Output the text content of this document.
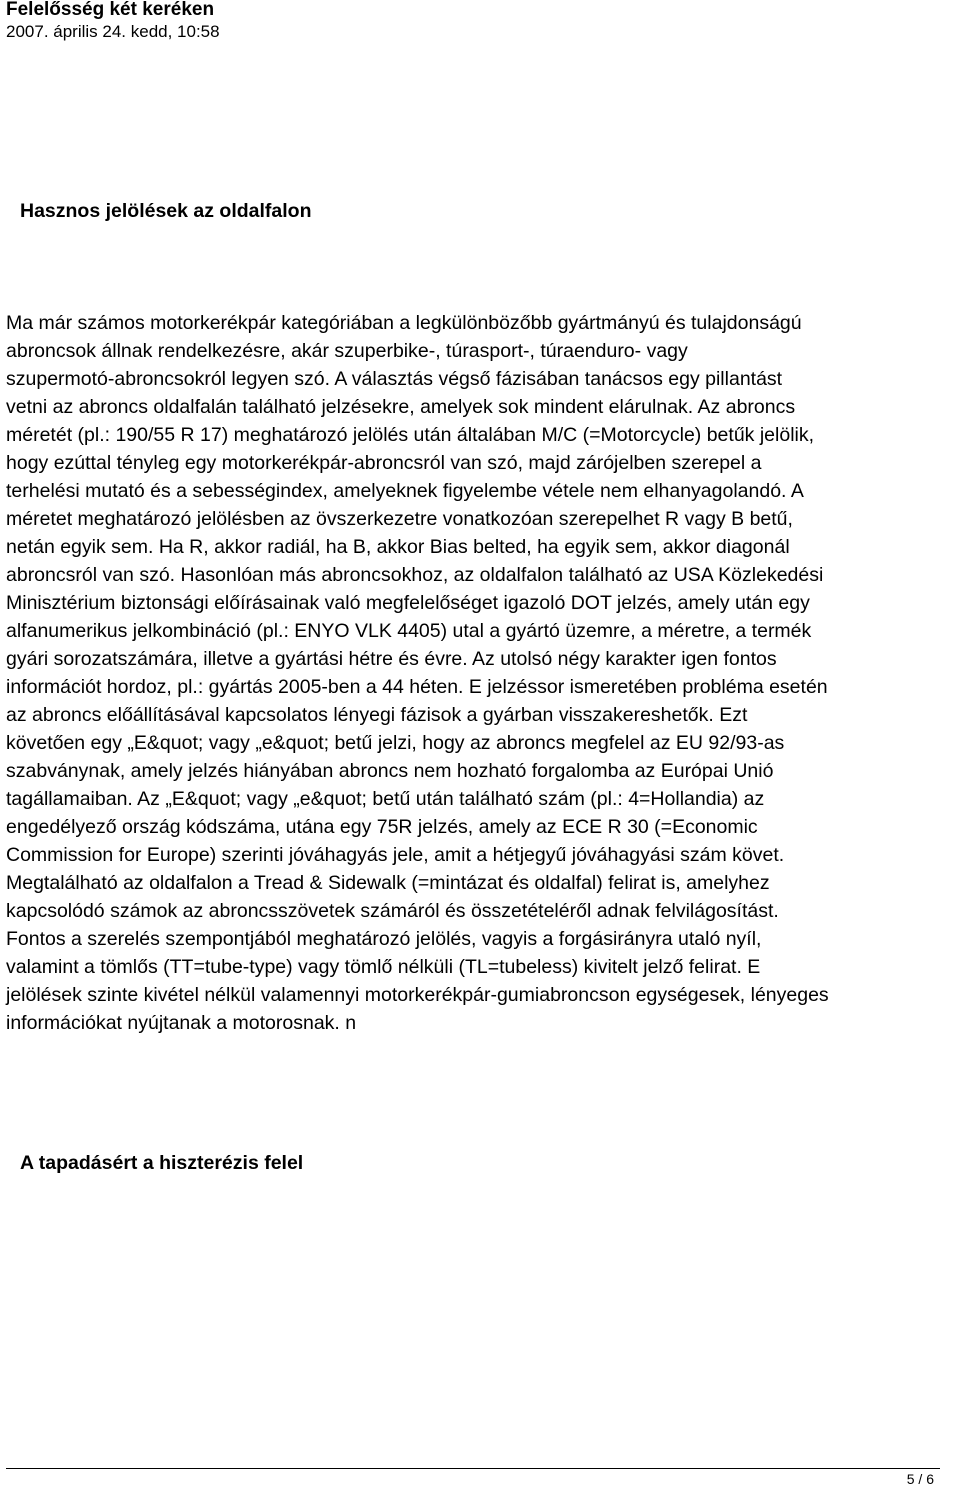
Felelősség két keréken
2007. április 24. kedd, 10:58
Hasznos jelölések az oldalfalon
Ma már számos motorkerékpár kategóriában a legkülönbözőbb gyártmányú és tulajdonságú
abroncsok állnak rendelkezésre, akár szuperbike-, túrasport-, túraenduro- vagy
szupermotó-abroncsokról legyen szó. A választás végső fázisában tanácsos egy pillantást
vetni az abroncs oldalfalán található jelzésekre, amelyek sok mindent elárulnak. Az abroncs
méretét (pl.: 190/55 R 17) meghatározó jelölés után általában M/C (=Motorcycle) betűk jelölik,
hogy ezúttal tényleg egy motorkerékpár-abroncsról van szó, majd zárójelben szerepel a
terhelési mutató és a sebességindex, amelyeknek figyelembe vétele nem elhanyagolandó. A
méretet meghatározó jelölésben az övszerkezetre vonatkozóan szerepelhet R vagy B betű,
netán egyik sem. Ha R, akkor radiál, ha B, akkor Bias belted, ha egyik sem, akkor diagonál
abroncsról van szó. Hasonlóan más abroncsokhoz, az oldalfalon található az USA Közlekedési
Minisztérium biztonsági előírásainak való megfelelőséget igazoló DOT jelzés, amely után egy
alfanumerikus jelkombináció (pl.: ENYO VLK 4405) utal a gyártó üzemre, a méretre, a termék
gyári sorozatszámára, illetve a gyártási hétre és évre. Az utolsó négy karakter igen fontos
információt hordoz, pl.: gyártás 2005-ben a 44 héten. E jelzéssor ismeretében probléma esetén
az abroncs előállításával kapcsolatos lényegi fázisok a gyárban visszakereshetők. Ezt
követően egy „E&quot; vagy „e&quot; betű jelzi, hogy az abroncs megfelel az EU 92/93-as
szabványnak, amely jelzés hiányában abroncs nem hozható forgalomba az Európai Unió
tagállamaiban. Az „E&quot; vagy „e&quot; betű után található szám (pl.: 4=Hollandia) az
engedélyező ország kódszáma, utána egy 75R jelzés, amely az ECE R 30 (=Economic
Commission for Europe) szerinti jóváhagyás jele, amit a hétjegyű jóváhagyási szám követ.
Megtalálható az oldalfalon a Tread & Sidewalk (=mintázat és oldalfal) felirat is, amelyhez
kapcsolódó számok az abroncsszövetek számáról és összetételéről adnak felvilágosítást.
Fontos a szerelés szempontjából meghatározó jelölés, vagyis a forgásirányra utaló nyíl,
valamint a tömlős (TT=tube-type) vagy tömlő nélküli (TL=tubeless) kivitelt jelző felirat. E
jelölések szinte kivétel nélkül valamennyi motorkerékpár-gumiabroncson egységesek, lényeges
információkat nyújtanak a motorosnak. n
A tapadásért a hiszterézis felel
5 / 6
